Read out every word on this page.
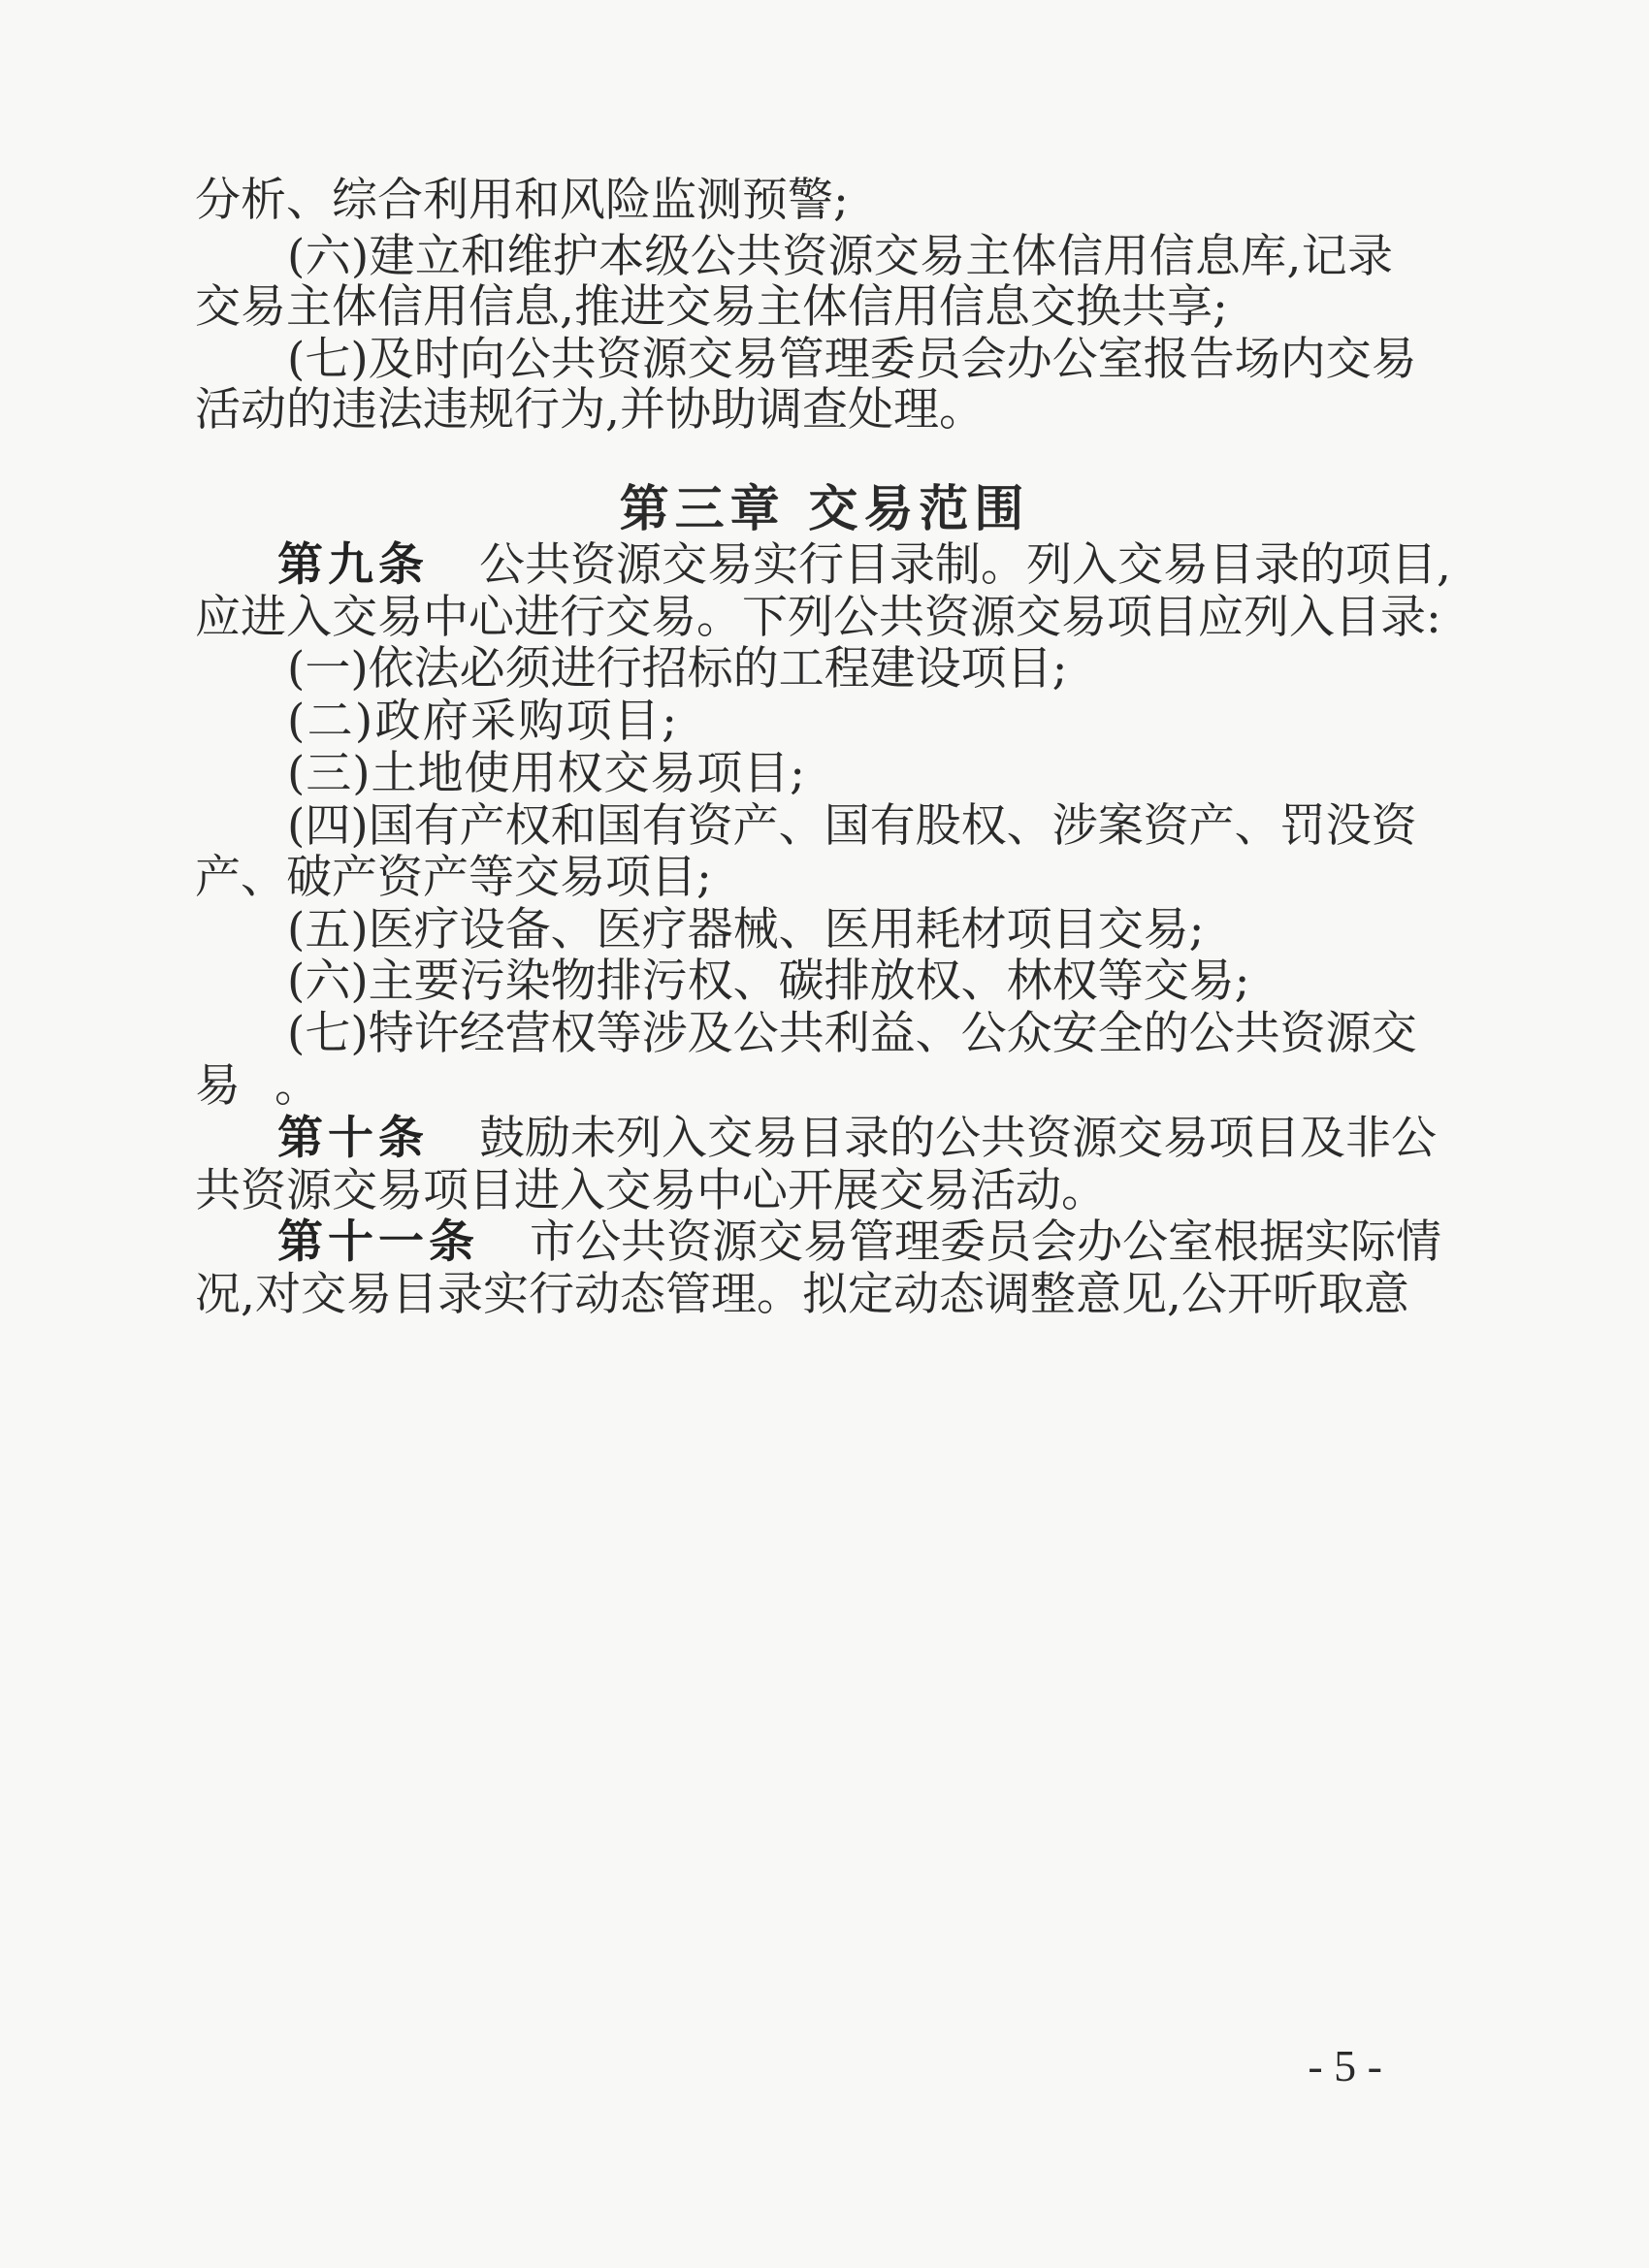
分析、综合利用和风险监测预警;
(六)建立和维护本级公共资源交易主体信用信息库,记录
交易主体信用信息,推进交易主体信用信息交换共享;
(七)及时向公共资源交易管理委员会办公室报告场内交易
活动的违法违规行为,并协助调查处理。
第三章 交易范围
第九条 公共资源交易实行目录制。列入交易目录的项目,
应进入交易中心进行交易。下列公共资源交易项目应列入目录:
(一)依法必须进行招标的工程建设项目;
(二)政府采购项目;
(三)土地使用权交易项目;
(四)国有产权和国有资产、国有股权、涉案资产、罚没资
产、破产资产等交易项目;
(五)医疗设备、医疗器械、医用耗材项目交易;
(六)主要污染物排污权、碳排放权、林权等交易;
(七)特许经营权等涉及公共利益、公众安全的公共资源交
易 。
第十条 鼓励未列入交易目录的公共资源交易项目及非公
共资源交易项目进入交易中心开展交易活动。
第十一条 市公共资源交易管理委员会办公室根据实际情
况,对交易目录实行动态管理。拟定动态调整意见,公开听取意
- 5 -
